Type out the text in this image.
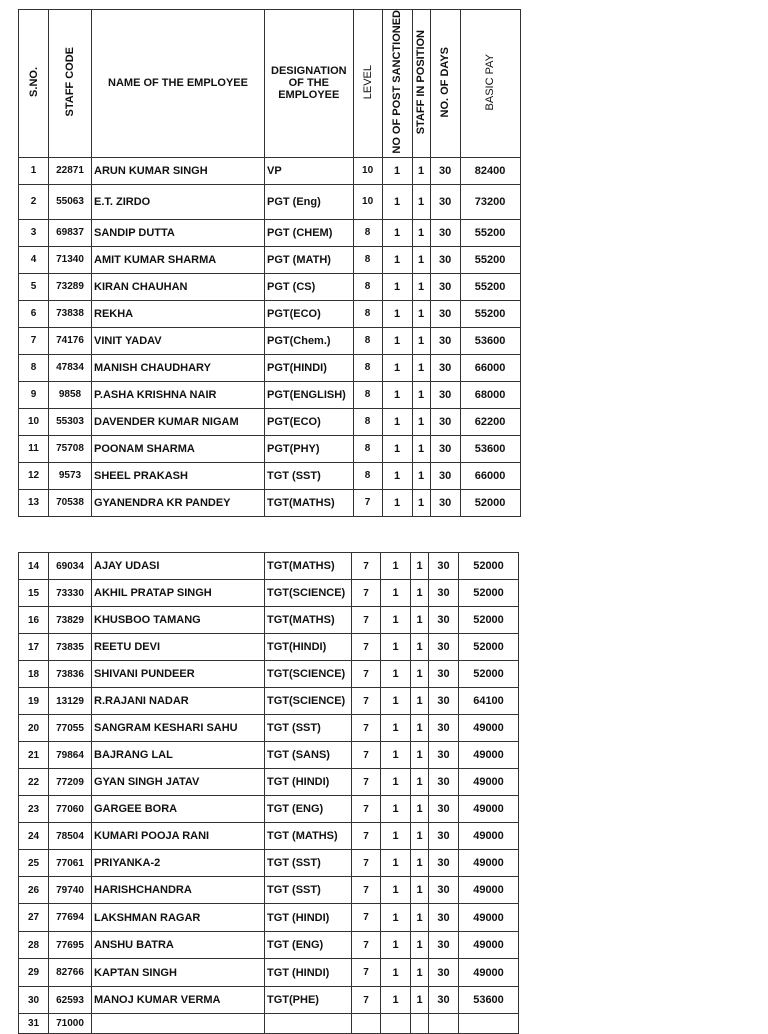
S.NO.	STAFF CODE	NAME OF THE EMPLOYEE	DESIGNATION OF THE EMPLOYEE	LEVEL	NO OF POST SANCTIONED	STAFF IN POSITION	NO. OF DAYS	BASIC PAY
1	22871	ARUN KUMAR SINGH	VP	10	1	1	30	82400
2	55063	E.T. ZIRDO	PGT (Eng)	10	1	1	30	73200
3	69837	SANDIP DUTTA	PGT (CHEM)	8	1	1	30	55200
4	71340	AMIT KUMAR SHARMA	PGT (MATH)	8	1	1	30	55200
5	73289	KIRAN CHAUHAN	PGT (CS)	8	1	1	30	55200
6	73838	REKHA	PGT(ECO)	8	1	1	30	55200
7	74176	VINIT YADAV	PGT(Chem.)	8	1	1	30	53600
8	47834	MANISH CHAUDHARY	PGT(HINDI)	8	1	1	30	66000
9	9858	P.ASHA KRISHNA NAIR	PGT(ENGLISH)	8	1	1	30	68000
10	55303	DAVENDER KUMAR NIGAM	PGT(ECO)	8	1	1	30	62200
11	75708	POONAM SHARMA	PGT(PHY)	8	1	1	30	53600
12	9573	SHEEL PRAKASH	TGT (SST)	8	1	1	30	66000
13	70538	GYANENDRA KR PANDEY	TGT(MATHS)	7	1	1	30	52000
14	69034	AJAY UDASI	TGT(MATHS)	7	1	1	30	52000
15	73330	AKHIL PRATAP SINGH	TGT(SCIENCE)	7	1	1	30	52000
16	73829	KHUSBOO TAMANG	TGT(MATHS)	7	1	1	30	52000
17	73835	REETU DEVI	TGT(HINDI)	7	1	1	30	52000
18	73836	SHIVANI PUNDEER	TGT(SCIENCE)	7	1	1	30	52000
19	13129	R.RAJANI NADAR	TGT(SCIENCE)	7	1	1	30	64100
20	77055	SANGRAM KESHARI SAHU	TGT (SST)	7	1	1	30	49000
21	79864	BAJRANG LAL	TGT (SANS)	7	1	1	30	49000
22	77209	GYAN SINGH JATAV	TGT (HINDI)	7	1	1	30	49000
23	77060	GARGEE BORA	TGT (ENG)	7	1	1	30	49000
24	78504	KUMARI POOJA RANI	TGT (MATHS)	7	1	1	30	49000
25	77061	PRIYANKA-2	TGT (SST)	7	1	1	30	49000
26	79740	HARISHCHANDRA	TGT (SST)	7	1	1	30	49000
27	77694	LAKSHMAN RAGAR	TGT (HINDI)	7	1	1	30	49000
28	77695	ANSHU BATRA	TGT (ENG)	7	1	1	30	49000
29	82766	KAPTAN SINGH	TGT (HINDI)	7	1	1	30	49000
30	62593	MANOJ KUMAR VERMA	TGT(PHE)	7	1	1	30	53600
31	71000							
